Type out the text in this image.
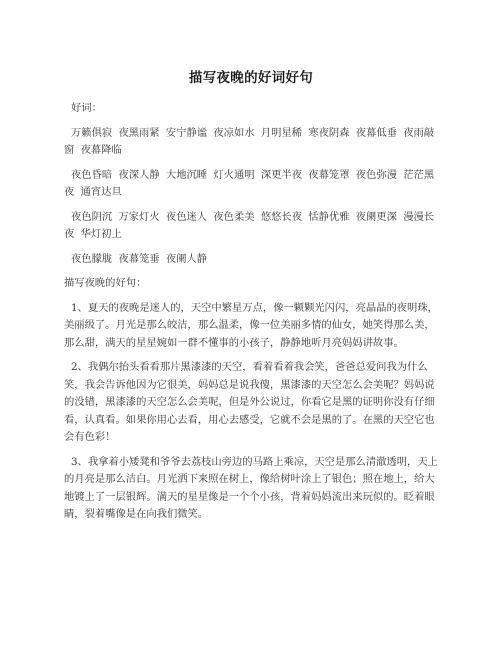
描写夜晚的好词好句

好词：

万籁俱寂 夜黑雨紧 安宁静谧 夜凉如水 月明星稀 寒夜阴森 夜幕低垂 夜雨敲窗 夜幕降临

夜色昏暗 夜深人静 大地沉睡 灯火通明 深更半夜 夜幕笼罩 夜色弥漫 茫茫黑夜 通宵达旦

夜色阴沉 万家灯火 夜色迷人 夜色柔美 悠悠长夜 恬静优雅 夜阑更深 漫漫长夜 华灯初上

夜色朦胧 夜幕笼垂 夜阑人静

描写夜晚的好句：

1、夏天的夜晚是迷人的，天空中繁星万点，像一颗颗光闪闪，亮晶晶的夜明珠，美丽级了。月光是那么皎洁，那么温柔，像一位美丽多情的仙女，她笑得那么美，那么甜，满天的星星婉如一群不懂事的小孩子，静静地听月亮妈妈讲故事。

2、我偶尔抬头看看那片黑漆漆的天空，看着看着我会笑，爸爸总爱问我为什么笑，我会告诉他因为它很美，妈妈总是说我傻，黑漆漆的天空怎么会美呢？妈妈说的没错，黑漆漆的天空怎么会美呢，但是外公说过，你看它是黑的证明你没有仔细看，认真看。如果你用心去看，用心去感受，它就不会是黑的了。在黑的天空它也会有色彩！

3、我拿着小矮凳和爷爷去荔枝山旁边的马路上乘凉，天空是那么清澈透明，天上的月亮是那么洁白。月光洒下来照在树上，像给树叶涂上了银色；照在地上，给大地镀上了一层银辉。满天的星星像是一个个小孩，背着妈妈流出来玩似的。眨着眼睛，裂着嘴像是在向我们微笑。
